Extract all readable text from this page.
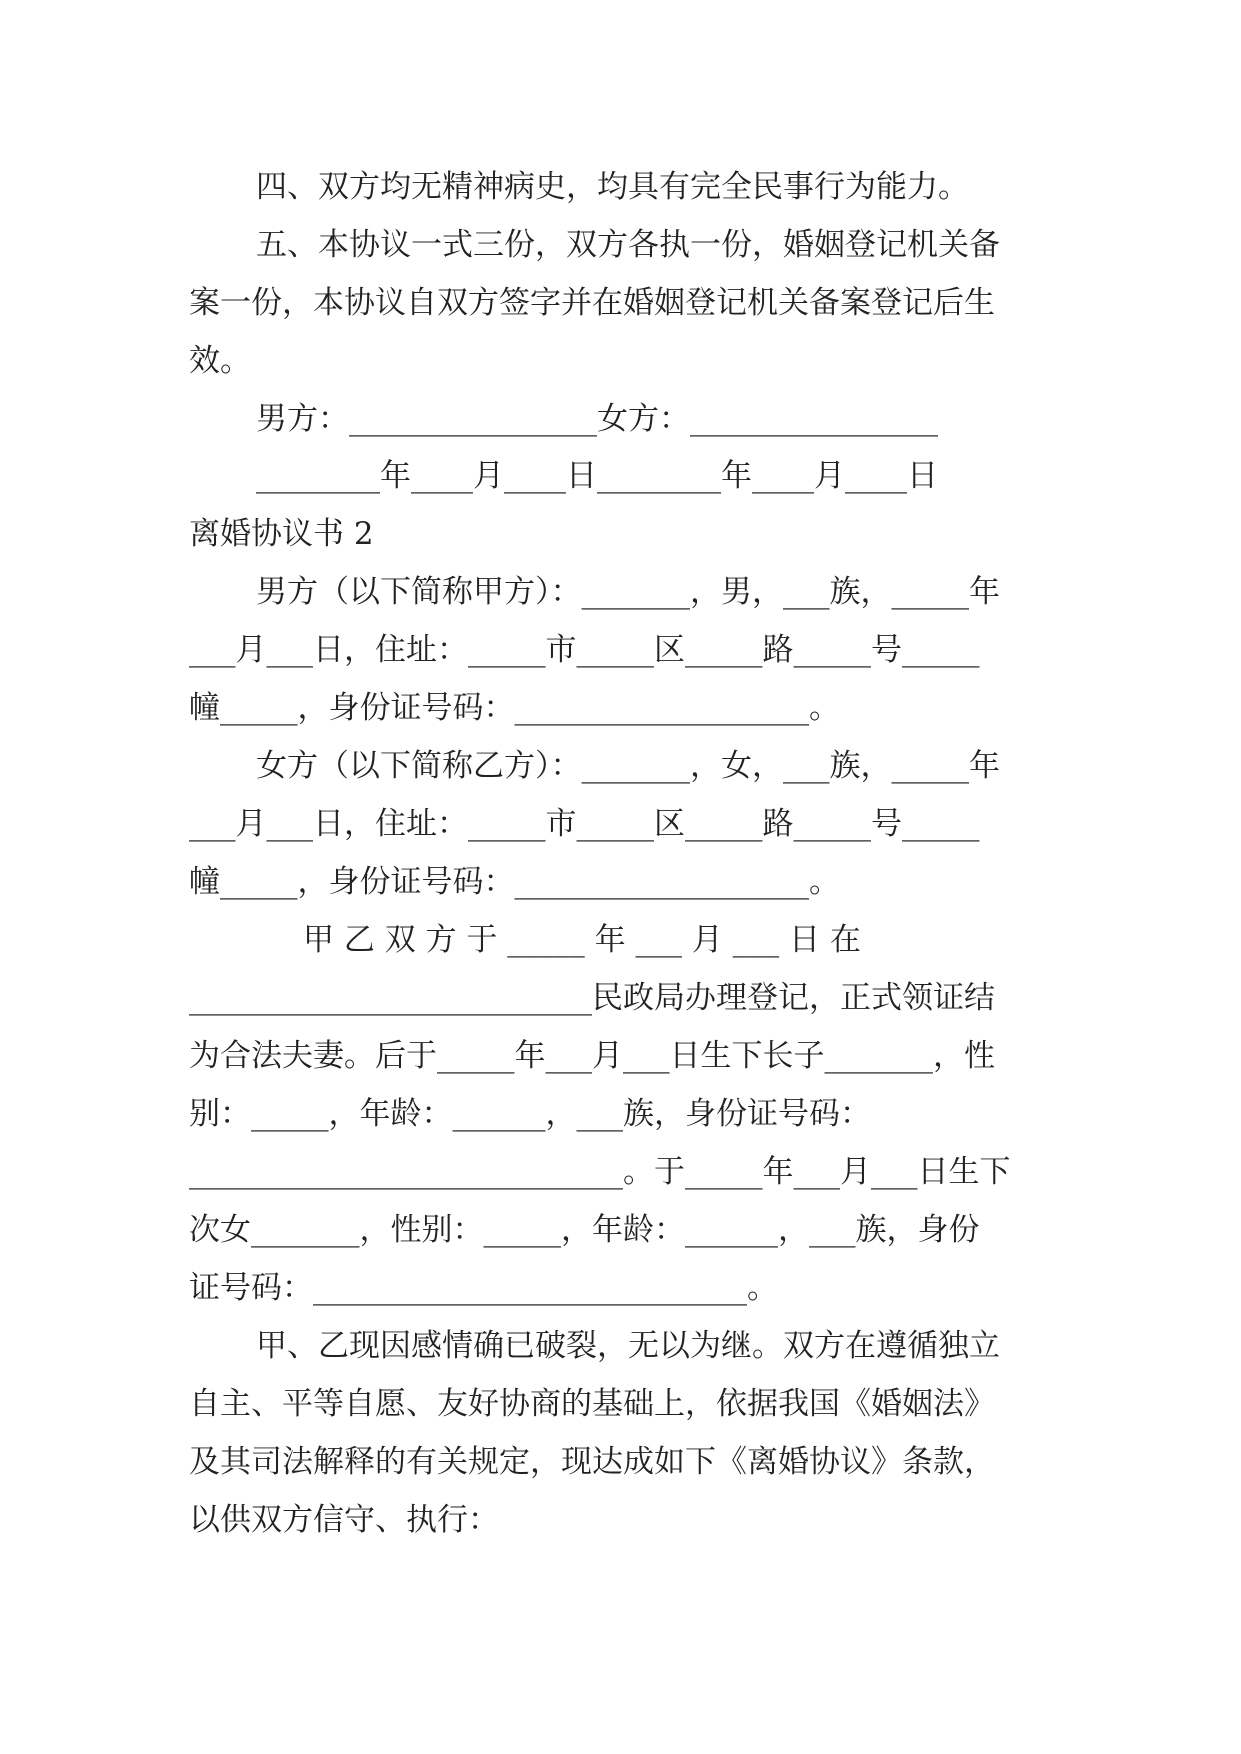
四、双方均无精神病史，均具有完全民事行为能力。
五、本协议一式三份，双方各执一份，婚姻登记机关备
案一份，本协议自双方签字并在婚姻登记机关备案登记后生
效。
男方：________________女方：________________
________年____月____日________年____月____日
离婚协议书 2
男方（以下简称甲方）：_______，男，___族，_____年
___月___日，住址：_____市_____区_____路_____号_____
幢_____，身份证号码：___________________。
女方（以下简称乙方）：_______，女，___族，_____年
___月___日，住址：_____市_____区_____路_____号_____
幢_____，身份证号码：___________________。
甲 乙 双 方 于 _____ 年 ___ 月 ___ 日 在
__________________________民政局办理登记，正式领证结
为合法夫妻。后于_____年___月___日生下长子_______，性
别：_____，年龄：______，___族，身份证号码：
____________________________。于_____年___月___日生下
次女_______，性别：_____，年龄：______，___族，身份
证号码：____________________________。
甲、乙现因感情确已破裂，无以为继。双方在遵循独立
自主、平等自愿、友好协商的基础上，依据我国《婚姻法》
及其司法解释的有关规定，现达成如下《离婚协议》条款，
以供双方信守、执行：
